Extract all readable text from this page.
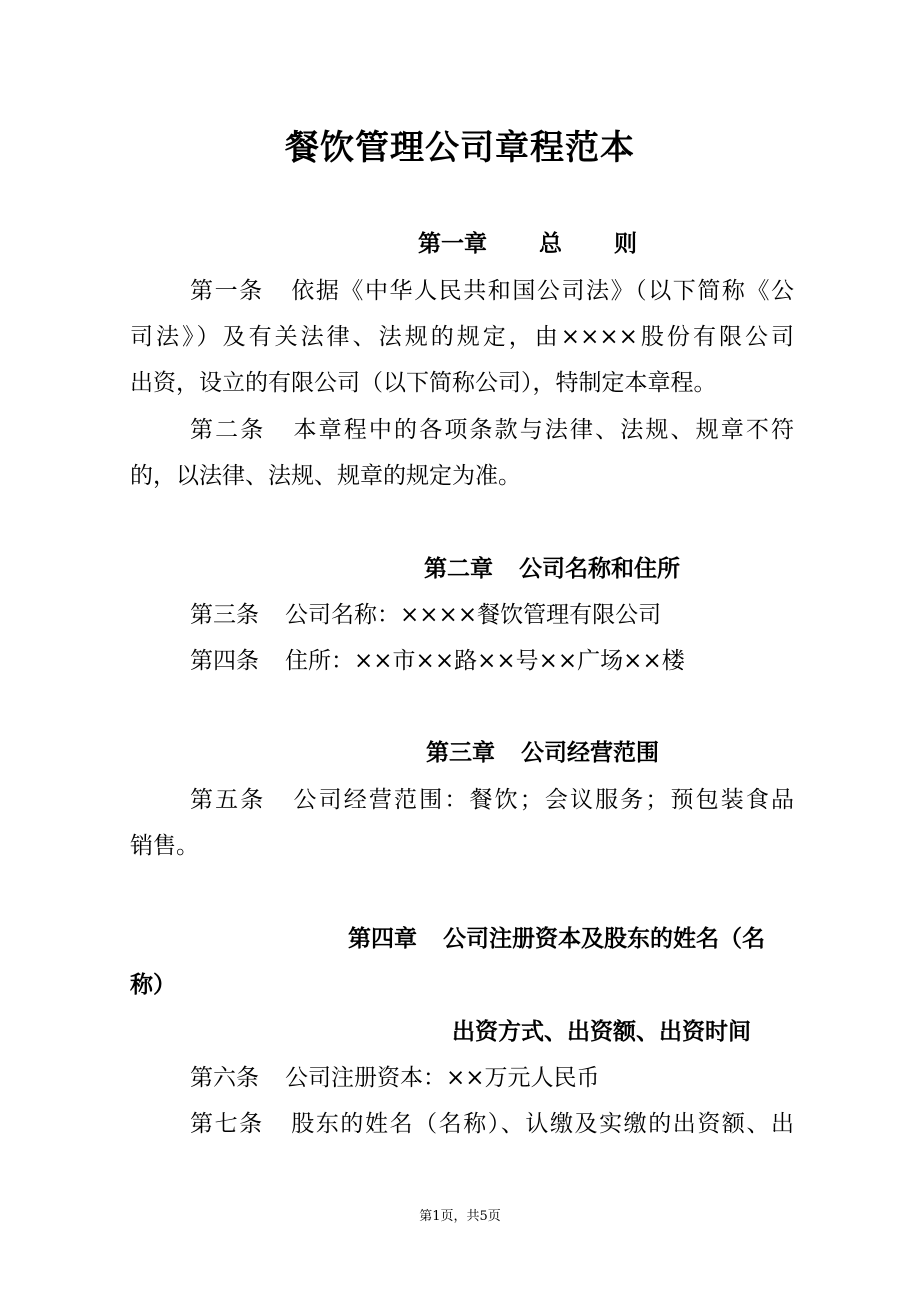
餐饮管理公司章程范本
第一章 总 则
第一条 依据《中华人民共和国公司法》（以下简称《公
司法》）及有关法律、法规的规定，由××××股份有限公司
出资，设立的有限公司（以下简称公司），特制定本章程。
第二条 本章程中的各项条款与法律、法规、规章不符
的，以法律、法规、规章的规定为准。
第二章 公司名称和住所
第三条 公司名称：××××餐饮管理有限公司
第四条 住所：××市××路××号××广场××楼
第三章 公司经营范围
第五条 公司经营范围：餐饮；会议服务；预包装食品
销售。
第四章 公司注册资本及股东的姓名（名
称）
出资方式、出资额、出资时间
第六条 公司注册资本：××万元人民币
第七条 股东的姓名（名称）、认缴及实缴的出资额、出
第1页，共5页
